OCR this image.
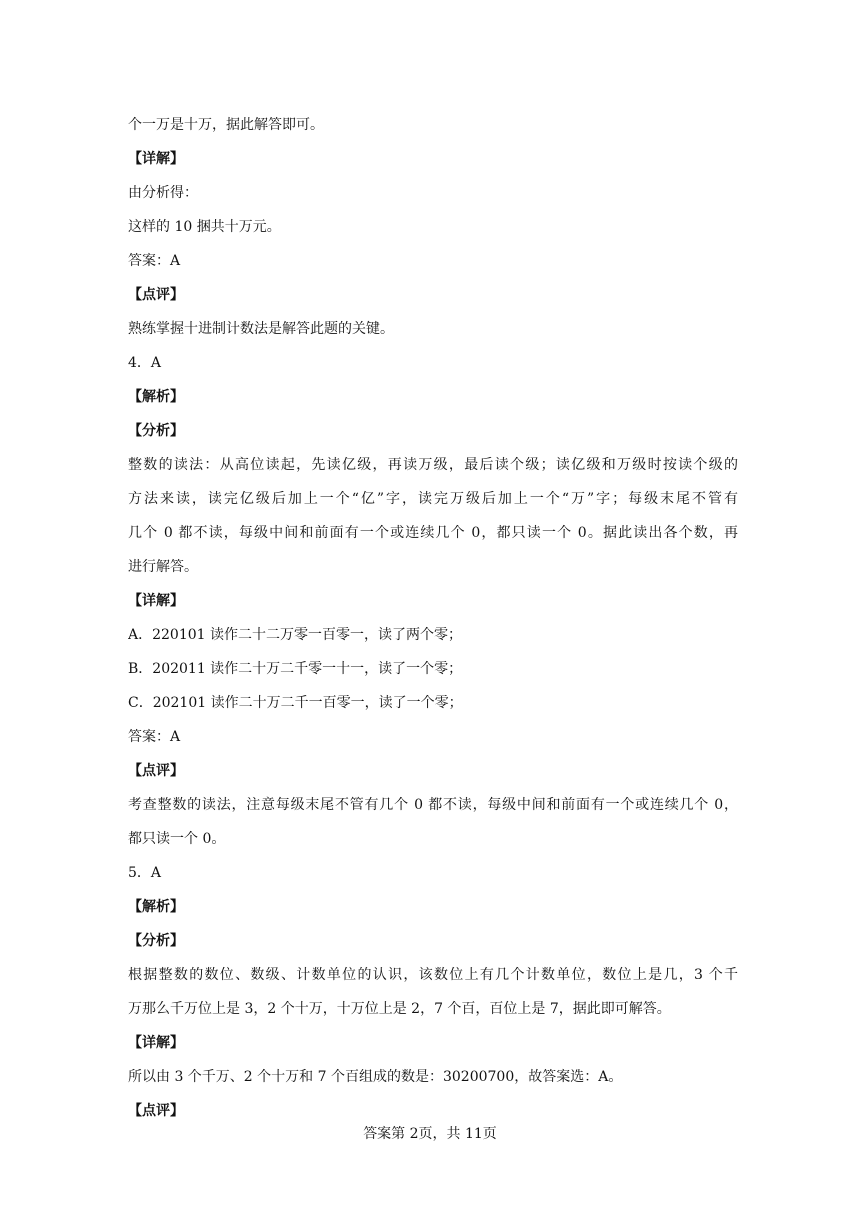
个一万是十万，据此解答即可。
【详解】
由分析得：
这样的 10 捆共十万元。
答案：A
【点评】
熟练掌握十进制计数法是解答此题的关键。
4．A
【解析】
【分析】
整数的读法：从高位读起，先读亿级，再读万级，最后读个级；读亿级和万级时按读个级的
方法来读，读完亿级后加上一个“亿”字，读完万级后加上一个“万”字；每级末尾不管有
几个 0 都不读，每级中间和前面有一个或连续几个 0，都只读一个 0。据此读出各个数，再
进行解答。
【详解】
A．220101 读作二十二万零一百零一，读了两个零；
B．202011 读作二十万二千零一十一，读了一个零；
C．202101 读作二十万二千一百零一，读了一个零；
答案：A
【点评】
考查整数的读法，注意每级末尾不管有几个 0 都不读，每级中间和前面有一个或连续几个 0，
都只读一个 0。
5．A
【解析】
【分析】
根据整数的数位、数级、计数单位的认识，该数位上有几个计数单位，数位上是几，3 个千
万那么千万位上是 3，2 个十万，十万位上是 2，7 个百，百位上是 7，据此即可解答。
【详解】
所以由 3 个千万、2 个十万和 7 个百组成的数是：30200700，故答案选：A。
【点评】
答案第 2页，共 11页
